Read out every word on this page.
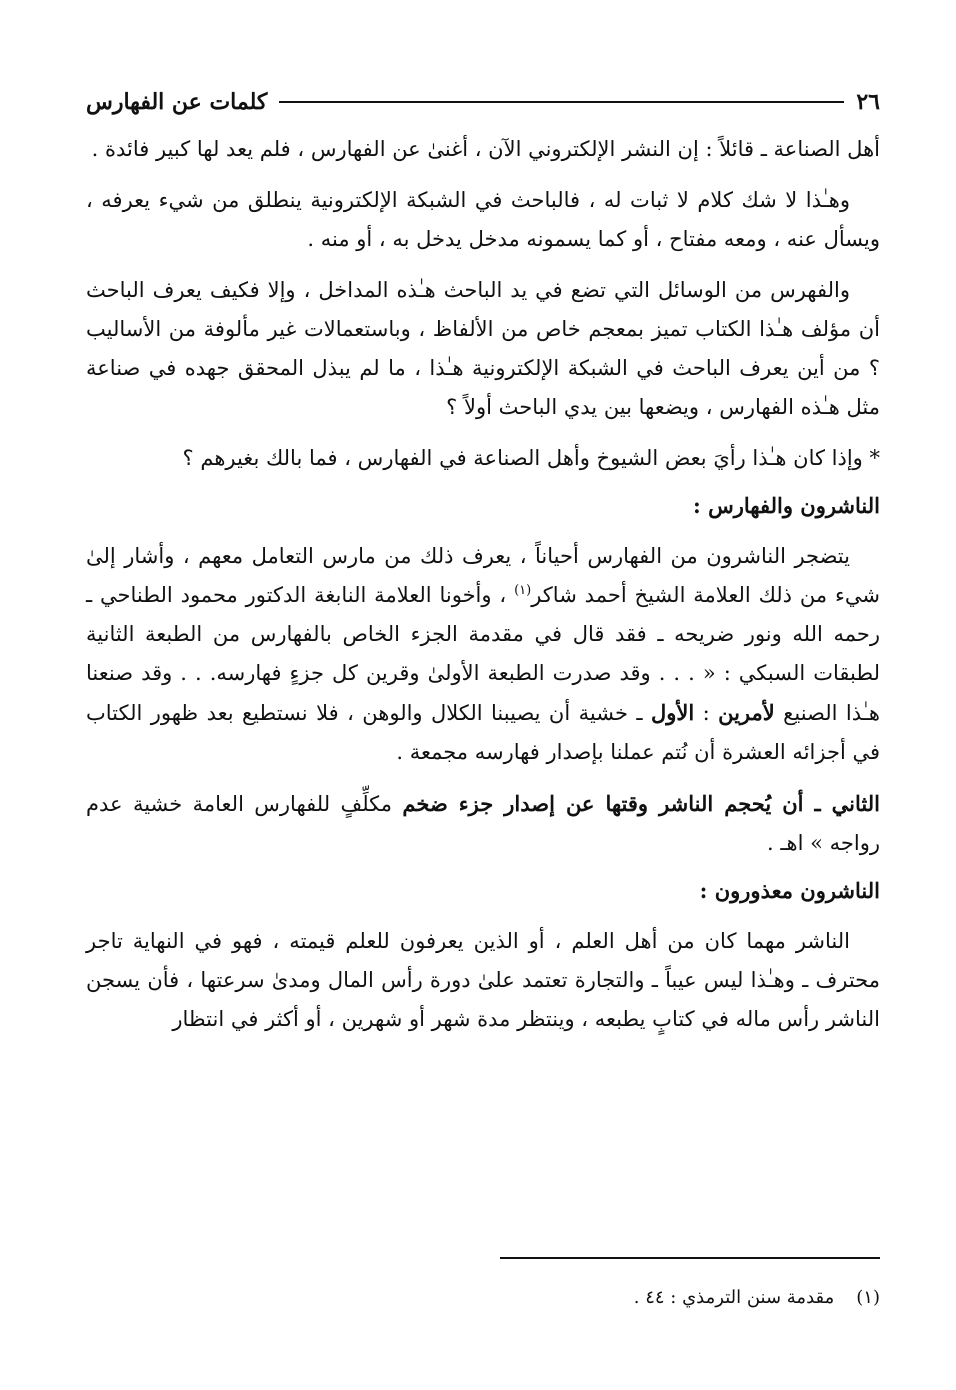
٢٦
كلمات عن الفهارس

أهل الصناعة ـ قائلاً : إن النشر الإلكتروني الآن ، أغنىٰ عن الفهارس ، فلم يعد لها كبير فائدة .

وهـٰذا لا شك كلام لا ثبات له ، فالباحث في الشبكة الإلكترونية ينطلق من شيء يعرفه ، ويسأل عنه ، ومعه مفتاح ، أو كما يسمونه مدخل يدخل به ، أو منه .

والفهرس من الوسائل التي تضع في يد الباحث هـٰذه المداخل ، وإلا فكيف يعرف الباحث أن مؤلف هـٰذا الكتاب تميز بمعجم خاص من الألفاظ ، وباستعمالات غير مألوفة من الأساليب ؟ من أين يعرف الباحث في الشبكة الإلكترونية هـٰذا ، ما لم يبذل المحقق جهده في صناعة مثل هـٰذه الفهارس ، ويضعها بين يدي الباحث أولاً ؟

* وإذا كان هـٰذا رأيَ بعض الشيوخ وأهل الصناعة في الفهارس ، فما بالك بغيرهم ؟

الناشرون والفهارس :

يتضجر الناشرون من الفهارس أحياناً ، يعرف ذلك من مارس التعامل معهم ، وأشار إلىٰ شيء من ذلك العلامة الشيخ أحمد شاكر$^{(١)}$ ، وأخونا العلامة النابغة الدكتور محمود الطناحي ـ رحمه الله ونور ضريحه ـ فقد قال في مقدمة الجزء الخاص بالفهارس من الطبعة الثانية لطبقات السبكي : « . . . وقد صدرت الطبعة الأولىٰ وقرين كل جزءٍ فهارسه. . . وقد صنعنا هـٰذا الصنيع لأمرين : الأول ـ خشية أن يصيبنا الكلال والوهن ، فلا نستطيع بعد ظهور الكتاب في أجزائه العشرة أن نُتم عملنا بإصدار فهارسه مجمعة .

الثاني ـ أن يُحجم الناشر وقتها عن إصدار جزء ضخم مكلِّفٍ للفهارس العامة خشية عدم رواجه » اهـ .

الناشرون معذورون :

الناشر مهما كان من أهل العلم ، أو الذين يعرفون للعلم قيمته ، فهو في النهاية تاجر محترف ـ وهـٰذا ليس عيباً ـ والتجارة تعتمد علىٰ دورة رأس المال ومدىٰ سرعتها ، فأن يسجن الناشر رأس ماله في كتابٍ يطبعه ، وينتظر مدة شهر أو شهرين ، أو أكثر في انتظار

(١)مقدمة سنن الترمذي : ٤٤ .
